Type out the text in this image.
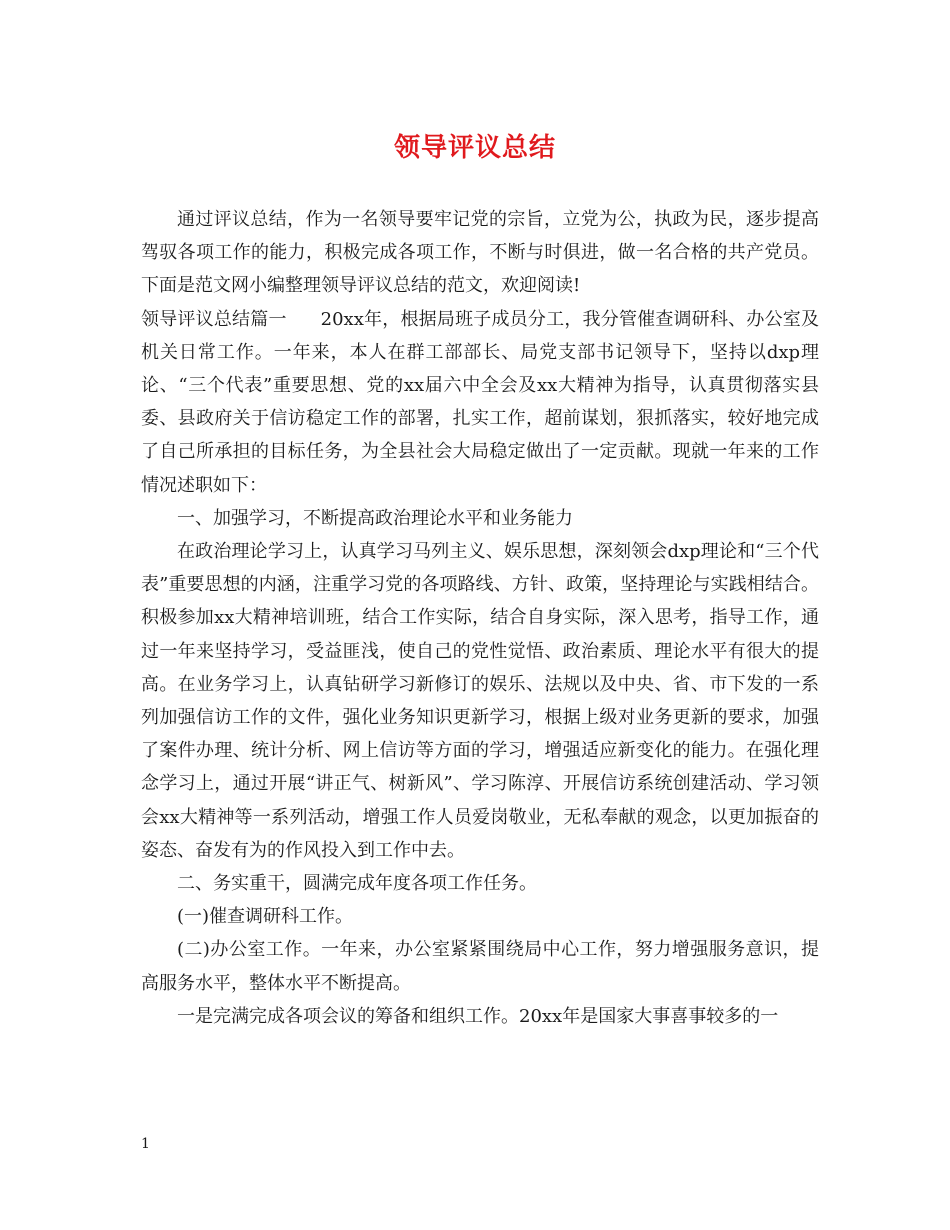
领导评议总结

通过评议总结，作为一名领导要牢记党的宗旨，立党为公，执政为民，逐步提高驾驭各项工作的能力，积极完成各项工作，不断与时俱进，做一名合格的共产党员。下面是范文网小编整理领导评议总结的范文，欢迎阅读!

领导评议总结篇一 20xx年，根据局班子成员分工，我分管催查调研科、办公室及机关日常工作。一年来，本人在群工部部长、局党支部书记领导下，坚持以dxp理论、“三个代表”重要思想、党的xx届六中全会及xx大精神为指导，认真贯彻落实县委、县政府关于信访稳定工作的部署，扎实工作，超前谋划，狠抓落实，较好地完成了自己所承担的目标任务，为全县社会大局稳定做出了一定贡献。现就一年来的工作情况述职如下：

一、加强学习，不断提高政治理论水平和业务能力

在政治理论学习上，认真学习马列主义、娱乐思想，深刻领会dxp理论和“三个代表”重要思想的内涵，注重学习党的各项路线、方针、政策，坚持理论与实践相结合。积极参加xx大精神培训班，结合工作实际，结合自身实际，深入思考，指导工作，通过一年来坚持学习，受益匪浅，使自己的党性觉悟、政治素质、理论水平有很大的提高。在业务学习上，认真钻研学习新修订的娱乐、法规以及中央、省、市下发的一系列加强信访工作的文件，强化业务知识更新学习，根据上级对业务更新的要求，加强了案件办理、统计分析、网上信访等方面的学习，增强适应新变化的能力。在强化理念学习上，通过开展“讲正气、树新风”、学习陈淳、开展信访系统创建活动、学习领会xx大精神等一系列活动，增强工作人员爱岗敬业，无私奉献的观念，以更加振奋的姿态、奋发有为的作风投入到工作中去。

二、务实重干，圆满完成年度各项工作任务。

(一)催查调研科工作。

(二)办公室工作。一年来，办公室紧紧围绕局中心工作，努力增强服务意识，提高服务水平，整体水平不断提高。

一是完满完成各项会议的筹备和组织工作。20xx年是国家大事喜事较多的一

1
